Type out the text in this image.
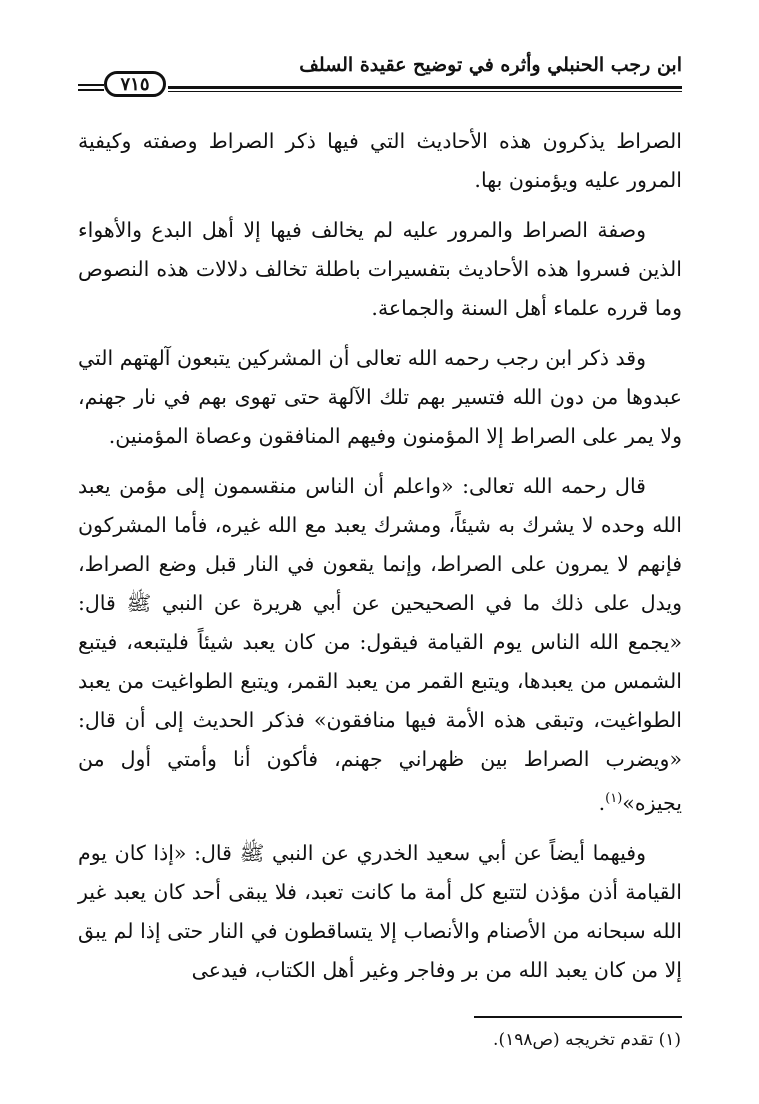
ابن رجب الحنبلي وأثره في توضيح عقيدة السلف
٧١٥

الصراط يذكرون هذه الأحاديث التي فيها ذكر الصراط وصفته وكيفية المرور عليه ويؤمنون بها.

وصفة الصراط والمرور عليه لم يخالف فيها إلا أهل البدع والأهواء الذين فسروا هذه الأحاديث بتفسيرات باطلة تخالف دلالات هذه النصوص وما قرره علماء أهل السنة والجماعة.

وقد ذكر ابن رجب رحمه الله تعالى أن المشركين يتبعون آلهتهم التي عبدوها من دون الله فتسير بهم تلك الآلهة حتى تهوى بهم في نار جهنم، ولا يمر على الصراط إلا المؤمنون وفيهم المنافقون وعصاة المؤمنين.

قال رحمه الله تعالى: «واعلم أن الناس منقسمون إلى مؤمن يعبد الله وحده لا يشرك به شيئاً، ومشرك يعبد مع الله غيره، فأما المشركون فإنهم لا يمرون على الصراط، وإنما يقعون في النار قبل وضع الصراط، ويدل على ذلك ما في الصحيحين عن أبي هريرة عن النبي ﷺ قال: «يجمع الله الناس يوم القيامة فيقول: من كان يعبد شيئاً فليتبعه، فيتبع الشمس من يعبدها، ويتبع القمر من يعبد القمر، ويتبع الطواغيت من يعبد الطواغيت، وتبقى هذه الأمة فيها منافقون» فذكر الحديث إلى أن قال: «ويضرب الصراط بين ظهراني جهنم، فأكون أنا وأمتي أول من يجيزه»$^{(١)}$.

وفيهما أيضاً عن أبي سعيد الخدري عن النبي ﷺ قال: «إذا كان يوم القيامة أذن مؤذن لتتبع كل أمة ما كانت تعبد، فلا يبقى أحد كان يعبد غير الله سبحانه من الأصنام والأنصاب إلا يتساقطون في النار حتى إذا لم يبق إلا من كان يعبد الله من بر وفاجر وغير أهل الكتاب، فيدعى

(١) تقدم تخريجه (ص١٩٨).
